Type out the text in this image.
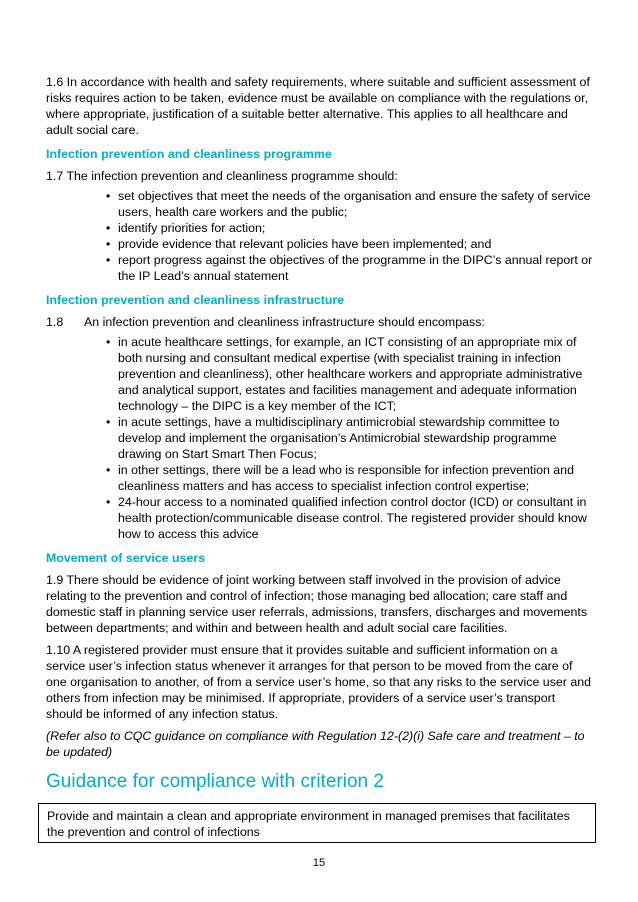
1.6 In accordance with health and safety requirements, where suitable and sufficient assessment of risks requires action to be taken, evidence must be available on compliance with the regulations or, where appropriate, justification of a suitable better alternative. This applies to all healthcare and adult social care.

Infection prevention and cleanliness programme

1.7 The infection prevention and cleanliness programme should:

• set objectives that meet the needs of the organisation and ensure the safety of service users, health care workers and the public;
• identify priorities for action;
• provide evidence that relevant policies have been implemented; and
• report progress against the objectives of the programme in the DIPC’s annual report or the IP Lead’s annual statement

Infection prevention and cleanliness infrastructure

1.8	An infection prevention and cleanliness infrastructure should encompass:

• in acute healthcare settings, for example, an ICT consisting of an appropriate mix of both nursing and consultant medical expertise (with specialist training in infection prevention and cleanliness), other healthcare workers and appropriate administrative and analytical support, estates and facilities management and adequate information technology – the DIPC is a key member of the ICT;
• in acute settings, have a multidisciplinary antimicrobial stewardship committee to develop and implement the organisation’s Antimicrobial stewardship programme drawing on Start Smart Then Focus;
• in other settings, there will be a lead who is responsible for infection prevention and cleanliness matters and has access to specialist infection control expertise;
• 24-hour access to a nominated qualified infection control doctor (ICD) or consultant in health protection/communicable disease control. The registered provider should know how to access this advice

Movement of service users

1.9 There should be evidence of joint working between staff involved in the provision of advice relating to the prevention and control of infection; those managing bed allocation; care staff and domestic staff in planning service user referrals, admissions, transfers, discharges and movements between departments; and within and between health and adult social care facilities.

1.10 A registered provider must ensure that it provides suitable and sufficient information on a service user’s infection status whenever it arranges for that person to be moved from the care of one organisation to another, of from a service user’s home, so that any risks to the service user and others from infection may be minimised. If appropriate, providers of a service user’s transport should be informed of any infection status.

(Refer also to CQC guidance on compliance with Regulation 12-(2)(i) Safe care and treatment – to be updated)

Guidance for compliance with criterion 2

Provide and maintain a clean and appropriate environment in managed premises that facilitates the prevention and control of infections

15
